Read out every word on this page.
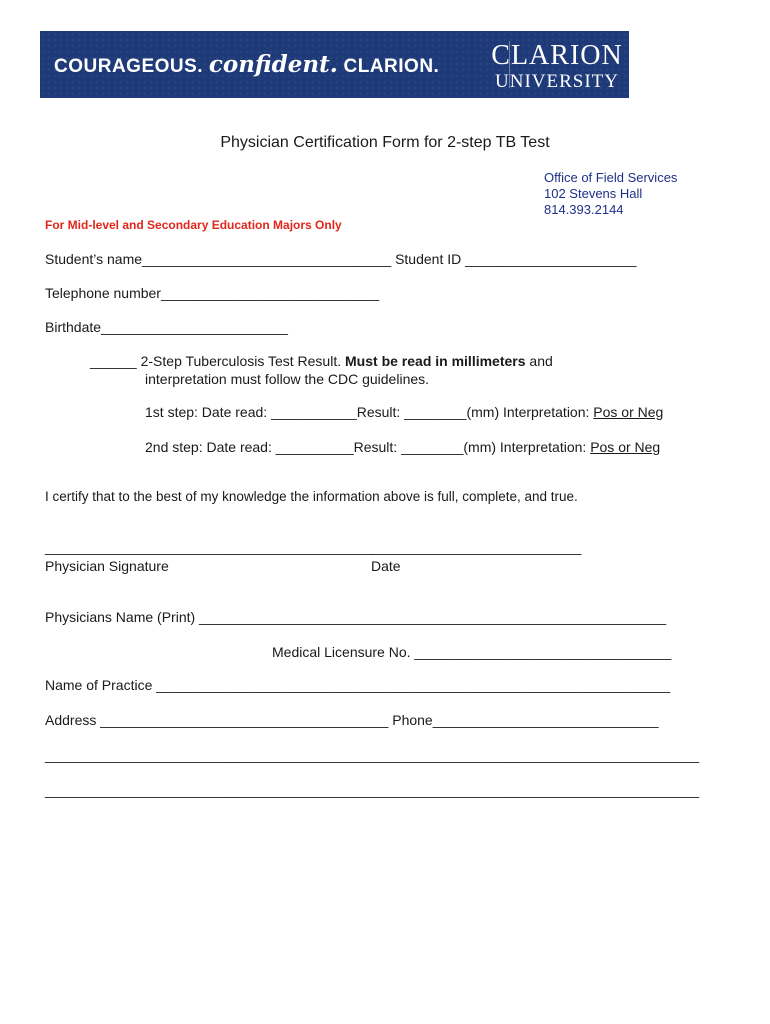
COURAGEOUS. confident. CLARION. CLARION
UNIVERSITY
Physician Certification Form for 2-step TB Test
Office of Field Services
102 Stevens Hall
814.393.2144
For Mid-level and Secondary Education Majors Only
Student’s name________________________________ Student ID ______________________
Telephone number____________________________
Birthdate________________________
______ 2-Step Tuberculosis Test Result. Must be read in millimeters and
interpretation must follow the CDC guidelines.
1st step: Date read: ___________Result: ________(mm) Interpretation: Pos or Neg
2nd step: Date read: __________Result: ________(mm) Interpretation: Pos or Neg
I certify that to the best of my knowledge the information above is full, complete, and true.
__________________________________________
___________________________
Physician Signature	Date
Physicians Name (Print) ____________________________________________________________
Medical Licensure No. _________________________________
Name of Practice __________________________________________________________________
Address _____________________________________ Phone_____________________________
____________________________________________________________________________________
____________________________________________________________________________________
